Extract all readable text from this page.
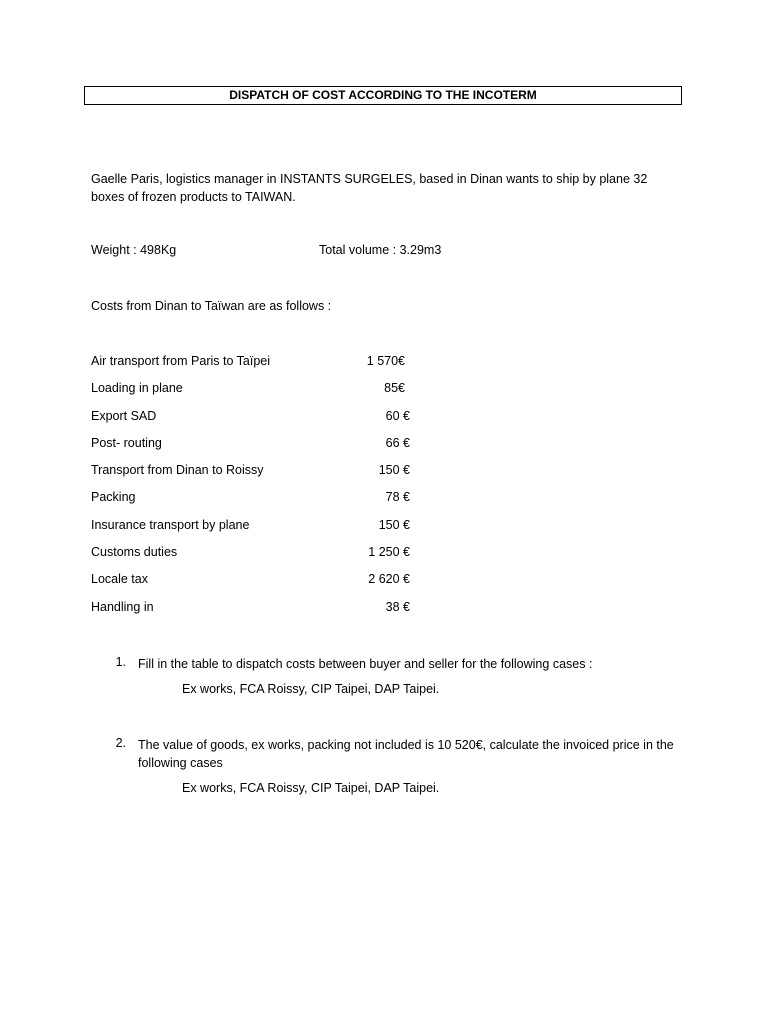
DISPATCH OF COST ACCORDING TO THE INCOTERM
Gaelle Paris, logistics manager in INSTANTS SURGELES, based in Dinan wants to ship by plane 32 boxes of frozen products to TAIWAN.
Weight : 498Kg	Total volume : 3.29m3
Costs from Dinan to Taïwan are as follows :
Air transport from Paris to Taïpei	1 570€
Loading in plane	85€
Export SAD	60 €
Post- routing	66 €
Transport from Dinan to Roissy	150 €
Packing	78 €
Insurance transport by plane	150 €
Customs duties	1 250 €
Locale tax	2 620 €
Handling in	38 €
1. Fill in the table to dispatch costs between buyer and seller for the following cases :
Ex works, FCA Roissy, CIP Taipei, DAP Taipei.
2. The value of goods, ex works, packing not included is 10 520€, calculate the invoiced price in the following cases
Ex works, FCA Roissy, CIP Taipei, DAP Taipei.
